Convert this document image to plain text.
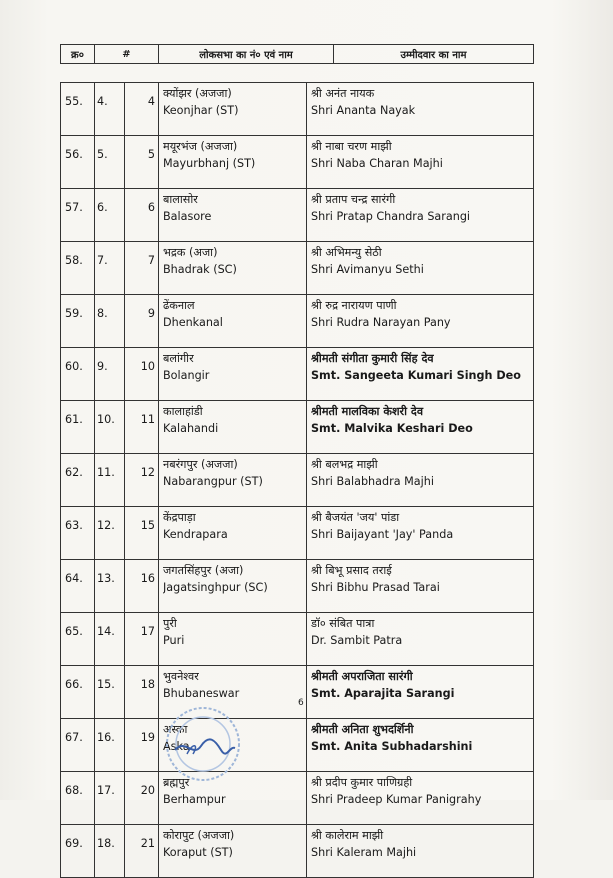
क्र०	#	लोकसभा का नं० एवं नाम	उम्मीदवार का नाम
55.	4.	4	क्योंझर (अजजा)
Keonjhar (ST)	श्री अनंत नायक
Shri Ananta Nayak

56.	5.	5	मयूरभंज (अजजा)
Mayurbhanj (ST)	श्री नाबा चरण माझी
Shri Naba Charan Majhi

57.	6.	6	बालासोर
Balasore	श्री प्रताप चन्द्र सारंगी
Shri Pratap Chandra Sarangi

58.	7.	7	भद्रक (अजा)
Bhadrak (SC)	श्री अभिमन्यु सेठी
Shri Avimanyu Sethi

59.	8.	9	ढेंकनाल
Dhenkanal	श्री रुद्र नारायण पाणी
Shri Rudra Narayan Pany

60.	9.	10	बलांगीर
Bolangir	श्रीमती संगीता कुमारी सिंह देव
Smt. Sangeeta Kumari Singh Deo

61.	10.	11	कालाहांडी
Kalahandi	श्रीमती मालविका केशरी देव
Smt. Malvika Keshari Deo

62.	11.	12	नबरंगपुर (अजजा)
Nabarangpur (ST)	श्री बलभद्र माझी
Shri Balabhadra Majhi

63.	12.	15	केंद्रपाड़ा
Kendrapara	श्री बैजयंत 'जय' पांडा
Shri Baijayant 'Jay' Panda

64.	13.	16	जगतसिंहपुर (अजा)
Jagatsinghpur (SC)	श्री बिभू प्रसाद तराई
Shri Bibhu Prasad Tarai

65.	14.	17	पुरी
Puri	डॉ० संबित पात्रा
Dr. Sambit Patra

66.	15.	18	भुवनेश्वर
Bhubaneswar	श्रीमती अपराजिता सारंगी
Smt. Aparajita Sarangi

67.	16.	19	अस्का
Aska	श्रीमती अनिता शुभदर्शिनी
Smt. Anita Subhadarshini

68.	17.	20	ब्रह्मपुर
Berhampur	श्री प्रदीप कुमार पाणिग्रही
Shri Pradeep Kumar Panigrahy

69.	18.	21	कोरापुट (अजजा)
Koraput (ST)	श्री कालेराम माझी
Shri Kaleram Majhi
6
